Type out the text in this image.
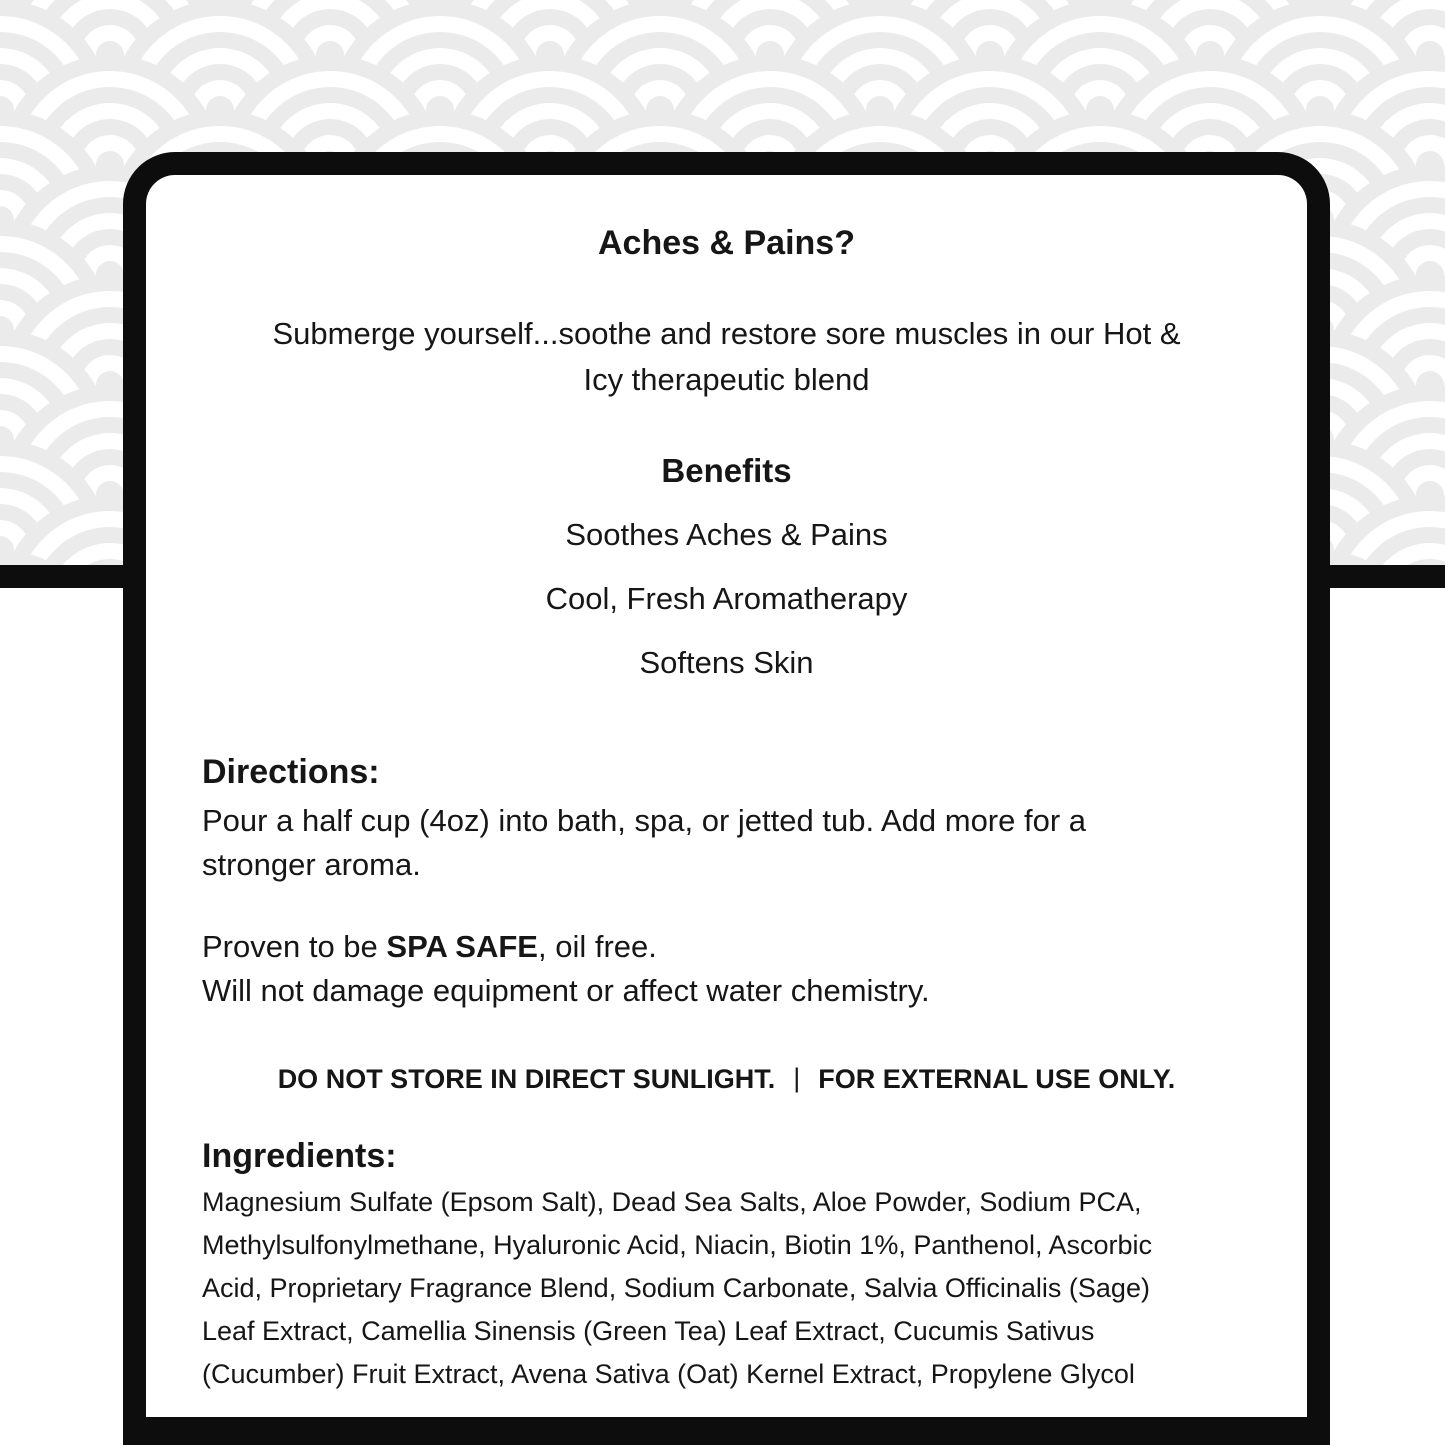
Aches & Pains?
Submerge yourself...soothe and restore sore muscles in our Hot &
Icy therapeutic blend
Benefits
Soothes Aches & Pains
Cool, Fresh Aromatherapy
Softens Skin
Directions:
Pour a half cup (4oz) into bath, spa, or jetted tub. Add more for a
stronger aroma.
Proven to be SPA SAFE, oil free.
Will not damage equipment or affect water chemistry.
DO NOT STORE IN DIRECT SUNLIGHT. | FOR EXTERNAL USE ONLY.
Ingredients:
Magnesium Sulfate (Epsom Salt), Dead Sea Salts, Aloe Powder, Sodium PCA,
Methylsulfonylmethane, Hyaluronic Acid, Niacin, Biotin 1%, Panthenol, Ascorbic
Acid, Proprietary Fragrance Blend, Sodium Carbonate, Salvia Officinalis (Sage)
Leaf Extract, Camellia Sinensis (Green Tea) Leaf Extract, Cucumis Sativus
(Cucumber) Fruit Extract, Avena Sativa (Oat) Kernel Extract, Propylene Glycol
